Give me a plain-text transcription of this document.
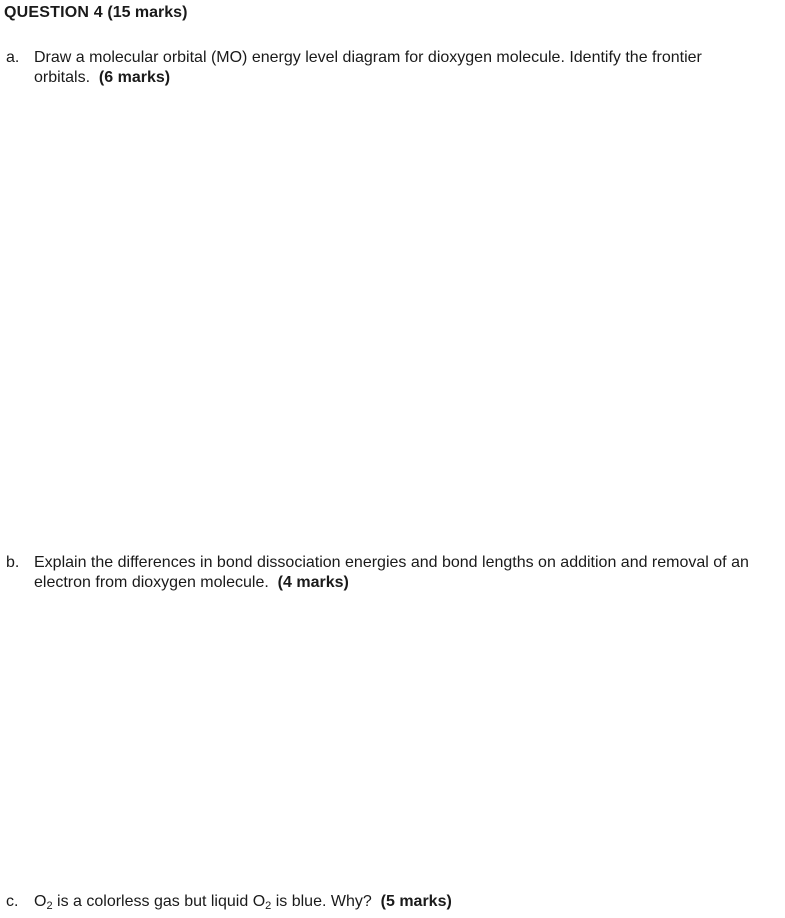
QUESTION 4 (15 marks)
a. Draw a molecular orbital (MO) energy level diagram for dioxygen molecule. Identify the frontier orbitals. (6 marks)
b. Explain the differences in bond dissociation energies and bond lengths on addition and removal of an electron from dioxygen molecule. (4 marks)
c. $O_2$ is a colorless gas but liquid $O_2$ is blue. Why? (5 marks)
